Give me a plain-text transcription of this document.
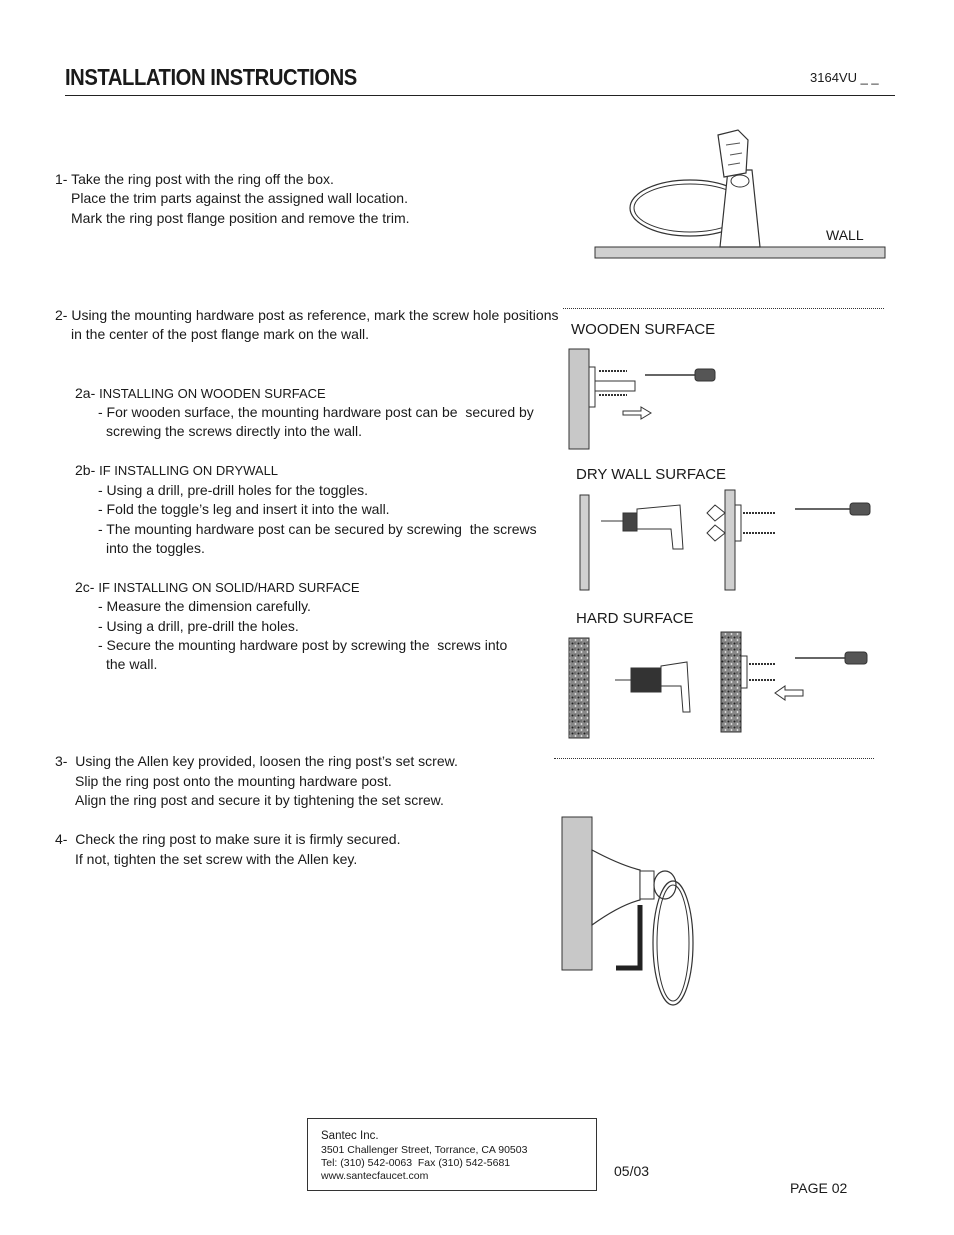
INSTALLATION INSTRUCTIONS	3164VU _ _
1- Take the ring post with the ring off the box.
Place the trim parts against the assigned wall location.
Mark the ring post flange position and remove the trim.
2- Using the mounting hardware post as reference, mark the screw hole positions
in the center of the post flange mark on the wall.
2a- INSTALLING ON WOODEN SURFACE
- For wooden surface, the mounting hardware post can be  secured by
screwing the screws directly into the wall.
2b- IF INSTALLING ON DRYWALL
- Using a drill, pre-drill holes for the toggles.
- Fold the toggle’s leg and insert it into the wall.
- The mounting hardware post can be secured by screwing  the screws
into the toggles.
2c- IF INSTALLING ON SOLID/HARD SURFACE
- Measure the dimension carefully.
- Using a drill, pre-drill the holes.
- Secure the mounting hardware post by screwing the  screws into
the wall.
3-  Using the Allen key provided, loosen the ring post’s set screw.
Slip the ring post onto the mounting hardware post.
Align the ring post and secure it by tightening the set screw.
4-  Check the ring post to make sure it is firmly secured.
If not, tighten the set screw with the Allen key.
WALL
WOODEN SURFACE
DRY WALL SURFACE
HARD SURFACE
Santec Inc.
3501 Challenger Street, Torrance, CA 90503
Tel: (310) 542-0063  Fax (310) 542-5681
www.santecfaucet.com	05/03
PAGE 02
